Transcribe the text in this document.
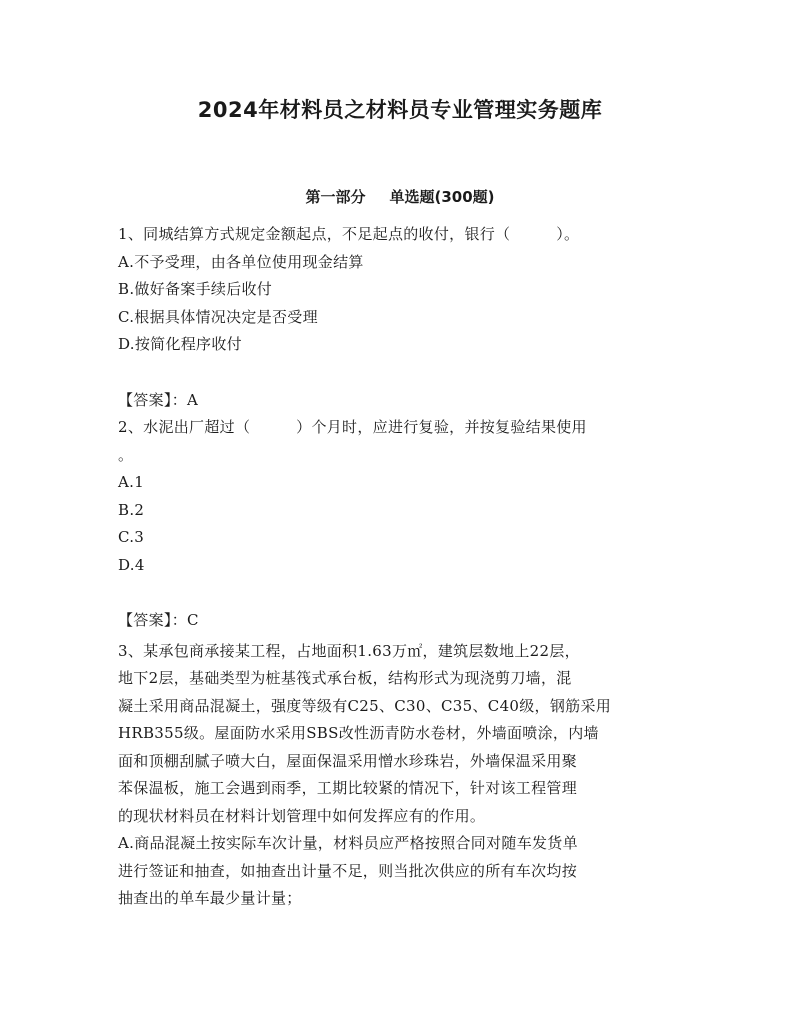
2024年材料员之材料员专业管理实务题库
第一部分 单选题(300题)
1、同城结算方式规定金额起点，不足起点的收付，银行（　　　）。
A.不予受理，由各单位使用现金结算
B.做好备案手续后收付
C.根据具体情况决定是否受理
D.按简化程序收付
【答案】：A
2、水泥出厂超过（　　　）个月时，应进行复验，并按复验结果使用
。
A.1
B.2
C.3
D.4
【答案】：C
3、某承包商承接某工程，占地面积1.63万㎡，建筑层数地上22层，
地下2层，基础类型为桩基筏式承台板，结构形式为现浇剪刀墙，混
凝土采用商品混凝土，强度等级有C25、C30、C35、C40级，钢筋采用
HRB355级。屋面防水采用SBS改性沥青防水卷材，外墙面喷涂，内墙
面和顶棚刮腻子喷大白，屋面保温采用憎水珍珠岩，外墙保温采用聚
苯保温板，施工会遇到雨季，工期比较紧的情况下，针对该工程管理
的现状材料员在材料计划管理中如何发挥应有的作用。
A.商品混凝土按实际车次计量，材料员应严格按照合同对随车发货单
进行签证和抽查，如抽查出计量不足，则当批次供应的所有车次均按
抽查出的单车最少量计量；
